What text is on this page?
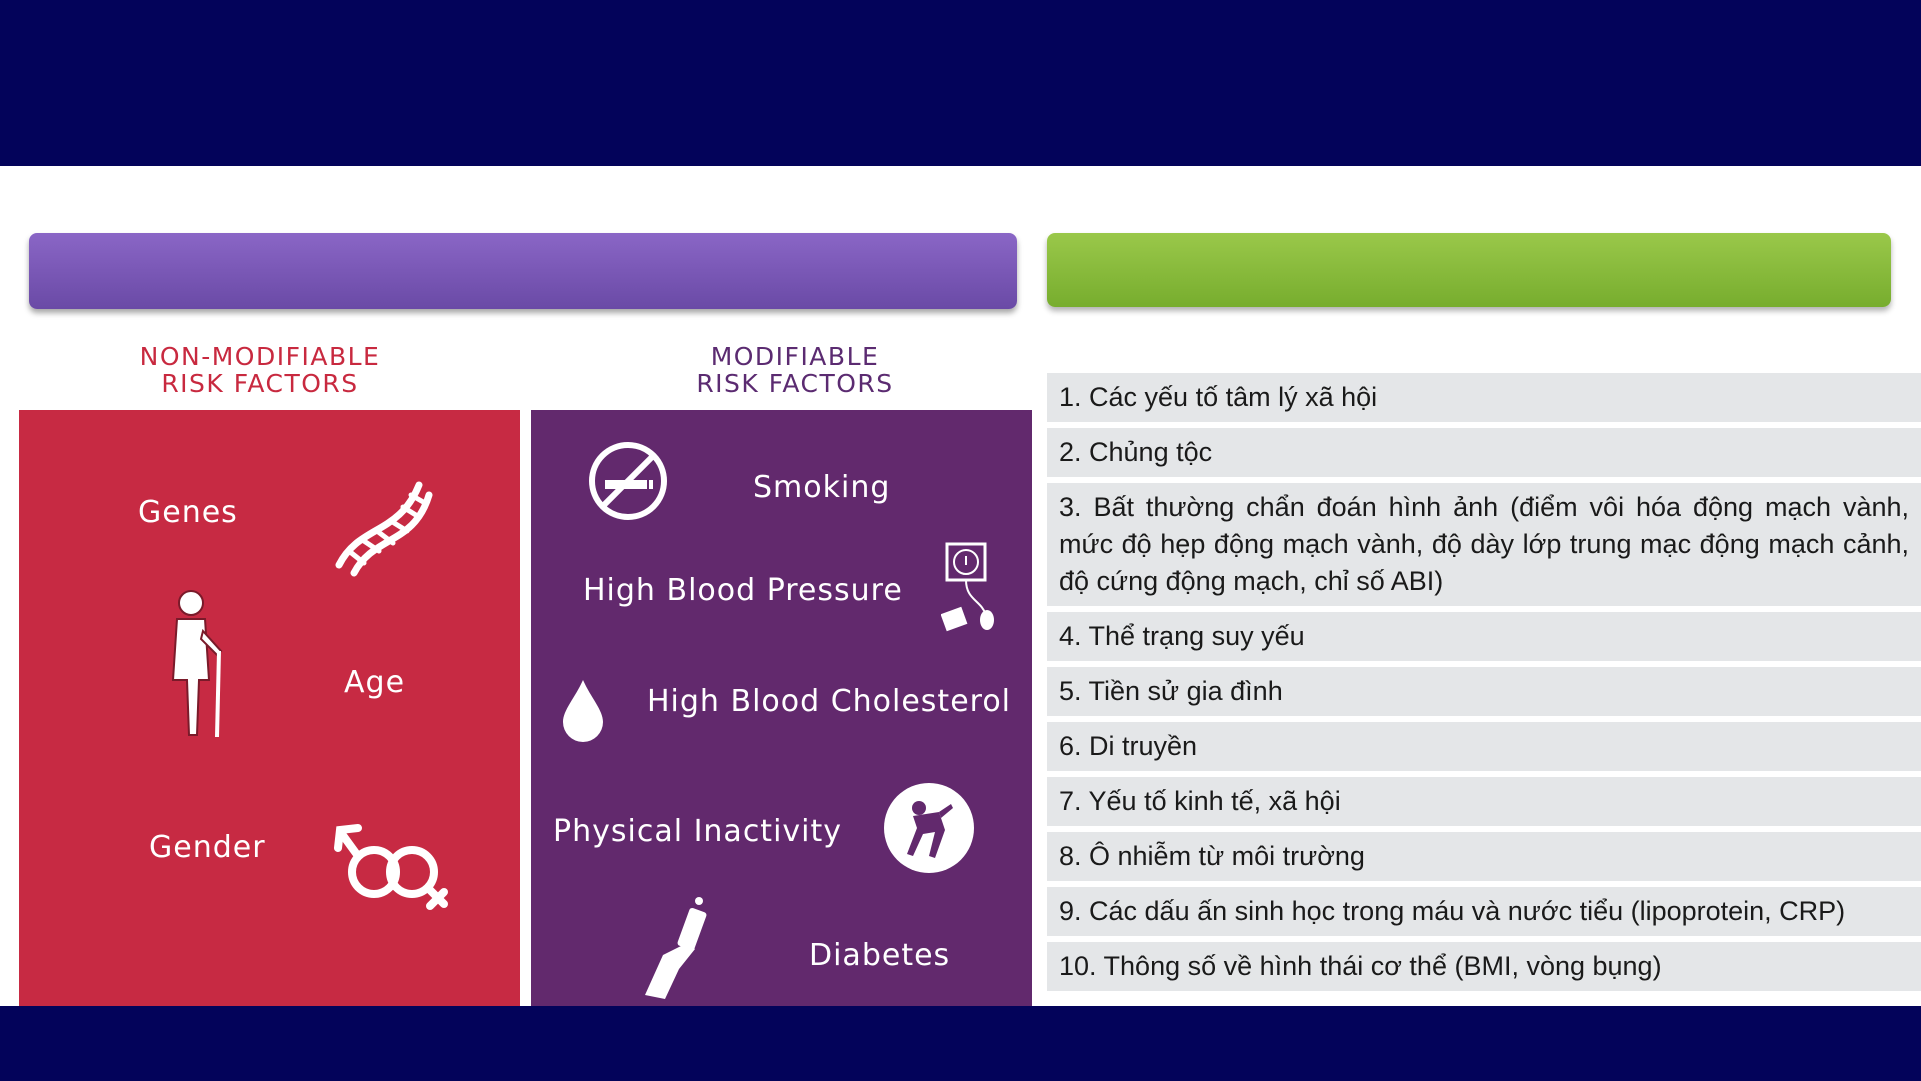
NON-MODIFIABLE
RISK FACTORS
MODIFIABLE
RISK FACTORS
Genes
Age
Gender
Smoking
High Blood Pressure
High Blood Cholesterol
Physical Inactivity
Diabetes
1. Các yếu tố tâm lý xã hội
2. Chủng tộc
3. Bất thường chẩn đoán hình ảnh (điểm vôi hóa động mạch vành, mức độ hẹp động mạch vành, độ dày lớp trung mạc động mạch cảnh, độ cứng động mạch, chỉ số ABI)
4. Thể trạng suy yếu
5. Tiền sử gia đình
6. Di truyền
7. Yếu tố kinh tế, xã hội
8. Ô nhiễm từ môi trường
9. Các dấu ấn sinh học trong máu và nước tiểu (lipoprotein, CRP)
10. Thông số về hình thái cơ thể (BMI, vòng bụng)
